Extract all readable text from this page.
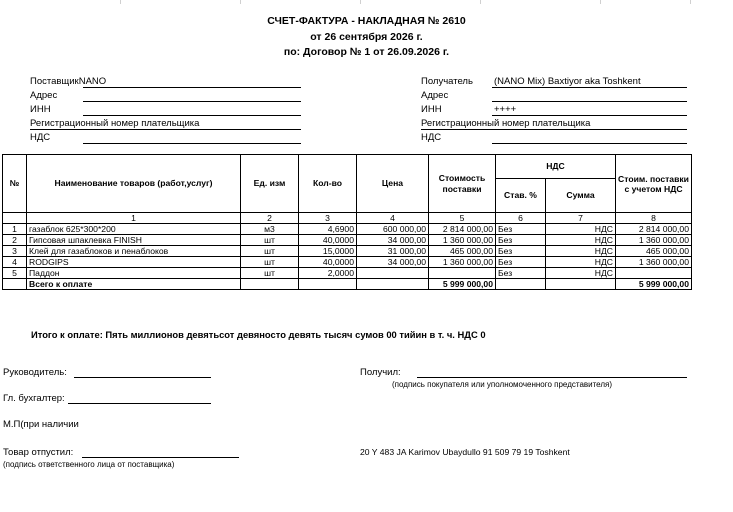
СЧЕТ-ФАКТУРА - НАКЛАДНАЯ № 2610
от 26 сентября 2026 г.
по: Договор № 1 от 26.09.2026 г.
ПоставщикNANO
Адрес
ИНН
Регистрационный номер плательщика
НДС
Получатель (NANO Mix) Baxtiyor aka Toshkent
Адрес
ИНН	++++
Регистрационный номер плательщика
НДС
№	Наименование товаров (работ,услуг)	Ед. изм	Кол-во	Цена	Стоимость поставки	НДС		Стоим. поставки с учетом НДС
						Став. %	Сумма	
	1	2	3	4	5	6	7	8
1	газаблок 625*300*200	м3	4,6900	600 000,00	2 814 000,00	Без	НДС	2 814 000,00
2	Гипсовая шпаклевка FINISH	шт	40,0000	34 000,00	1 360 000,00	Без	НДС	1 360 000,00
3	Клей для газаблоков и пенаблоков	шт	15,0000	31 000,00	465 000,00	Без	НДС	465 000,00
4	RODGIPS	шт	40,0000	34 000,00	1 360 000,00	Без	НДС	1 360 000,00
5	Паддон	шт	2,0000			Без	НДС	
	Всего к оплате				5 999 000,00			5 999 000,00
Итого к оплате: Пять миллионов девятьсот девяносто девять тысяч сумов 00 тийин в т. ч. НДС 0
Руководитель:
Гл. бухгалтер:
М.П(при наличии
Товар отпустил:
(подпись ответственного лица от поставщика)
Получил:
(подпись покупателя или уполномоченного представителя)
20 Y 483 JA Karimov Ubaydullo 91 509 79 19 Toshkent
